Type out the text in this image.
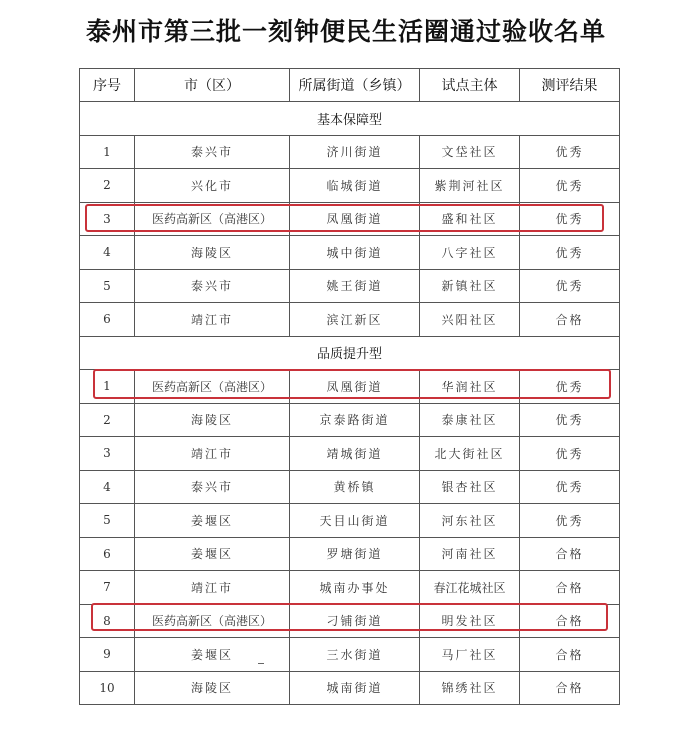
泰州市第三批一刻钟便民生活圈通过验收名单
序号	市（区）	所属街道（乡镇）	试点主体	测评结果
基本保障型				
1	泰兴市	济川街道	文垈社区	优秀
2	兴化市	临城街道	紫荆河社区	优秀
3	医药高新区（高港区）	凤凰街道	盛和社区	优秀
4	海陵区	城中街道	八字社区	优秀
5	泰兴市	姚王街道	新镇社区	优秀
6	靖江市	滨江新区	兴阳社区	合格
品质提升型				
1	医药高新区（高港区）	凤凰街道	华润社区	优秀
2	海陵区	京泰路街道	泰康社区	优秀
3	靖江市	靖城街道	北大街社区	优秀
4	泰兴市	黄桥镇	银杏社区	优秀
5	姜堰区	天目山街道	河东社区	优秀
6	姜堰区	罗塘街道	河南社区	合格
7	靖江市	城南办事处	春江花城社区	合格
8	医药高新区（高港区）	刁铺街道	明发社区	合格
9	姜堰区	三水街道	马厂社区	合格
10	海陵区	城南街道	锦绣社区	合格
